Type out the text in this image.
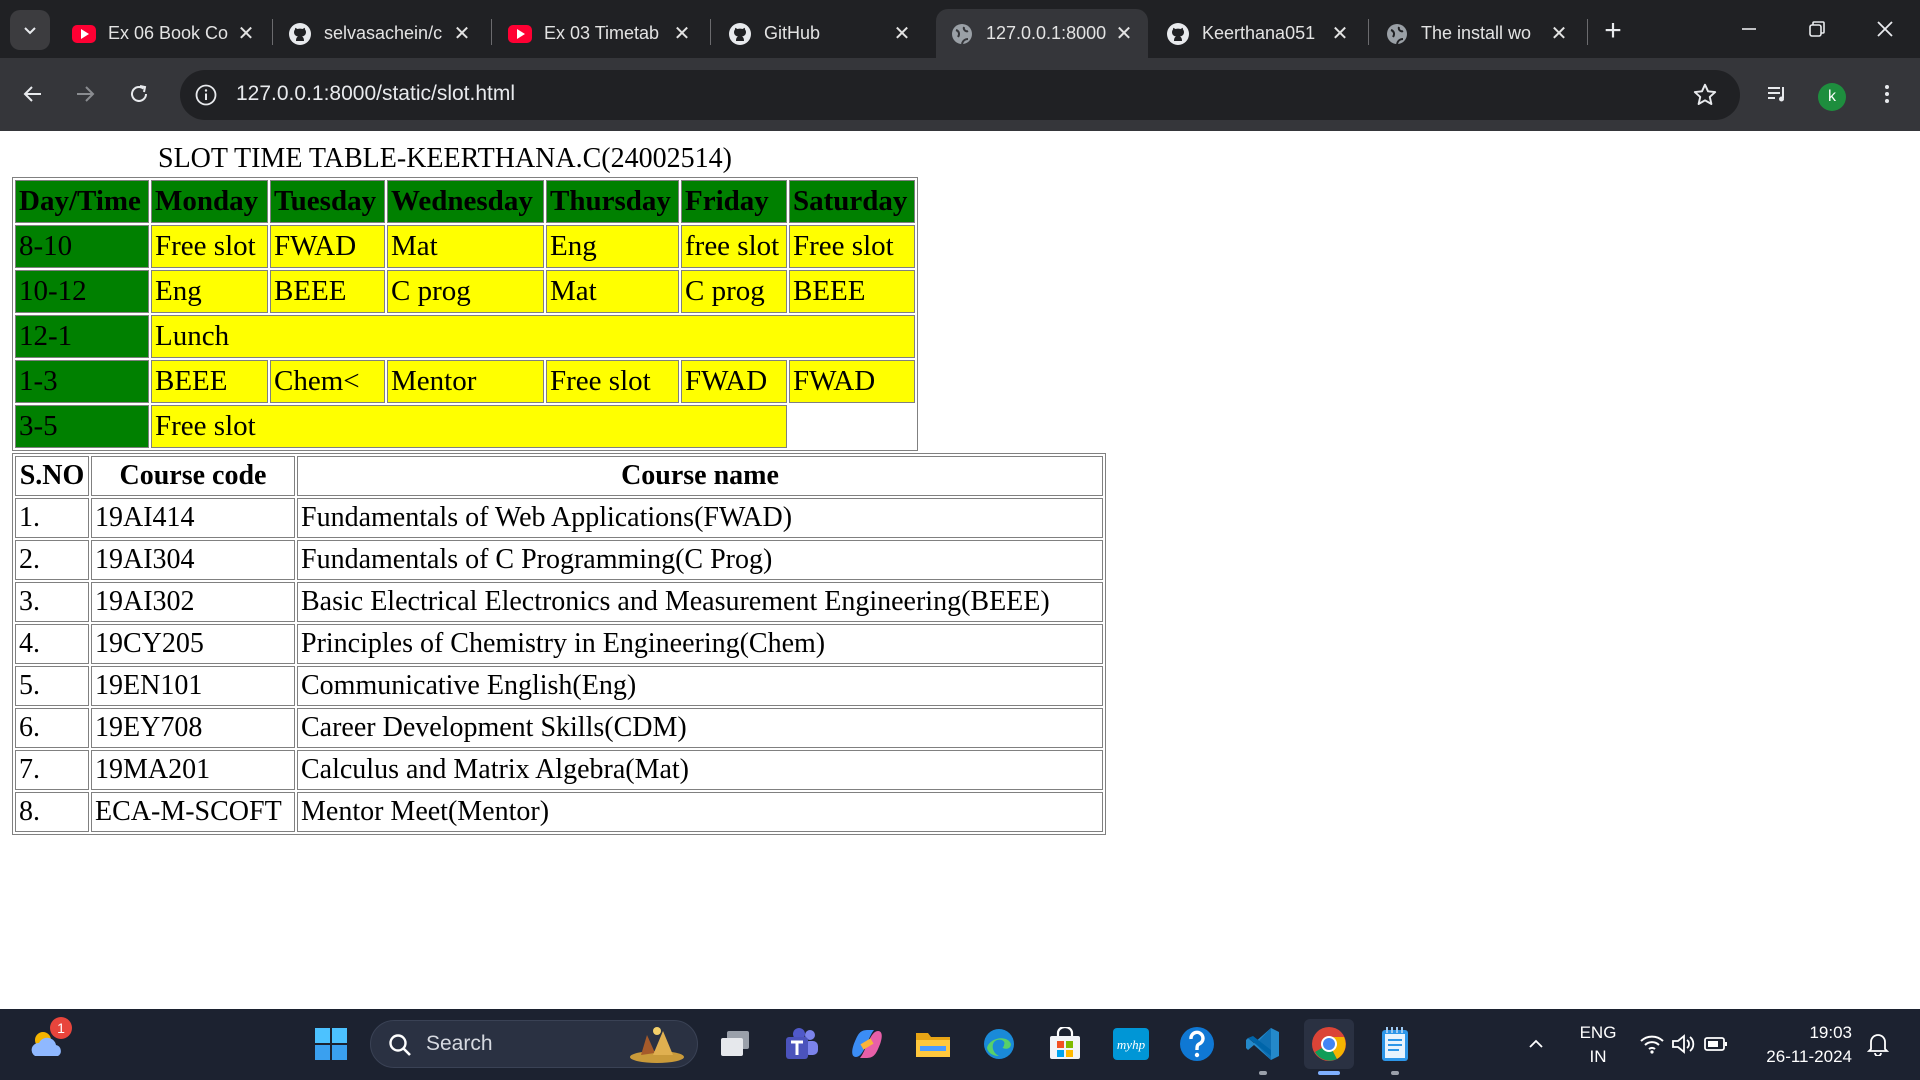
Ex 06 Book Co ✕	selvasachein/c ✕	Ex 03 Timetab ✕	GitHub	✕	127.0.0.1:8000 ✕	Keerthana051 ✕	The install wo ✕ +
127.0.0.1:8000/static/slot.html	k
SLOT TIME TABLE-KEERTHANA.C(24002514)
Day/Time	Monday	Tuesday	Wednesday	Thursday	Friday	Saturday
8-10	Free slot	FWAD	Mat	Eng	free slot	Free slot
10-12	Eng	BEEE	C prog	Mat	C prog	BEEE
12-1	Lunch					
1-3	BEEE	Chem<	Mentor	Free slot	FWAD	FWAD
3-5	Free slot					
S.NO	Course code	Course name
1.	19AI414	Fundamentals of Web Applications(FWAD)
2.	19AI304	Fundamentals of C Programming(C Prog)
3.	19AI302	Basic Electrical Electronics and Measurement Engineering(BEEE)
4.	19CY205	Principles of Chemistry in Engineering(Chem)
5.	19EN101	Communicative English(Eng)
6.	19EY708	Career Development Skills(CDM)
7.	19MA201	Calculus and Matrix Algebra(Mat)
8.	ECA-M-SCOFT	Mentor Meet(Mentor)
1
Search	myhp
ENG
IN
19:03
26-11-2024
